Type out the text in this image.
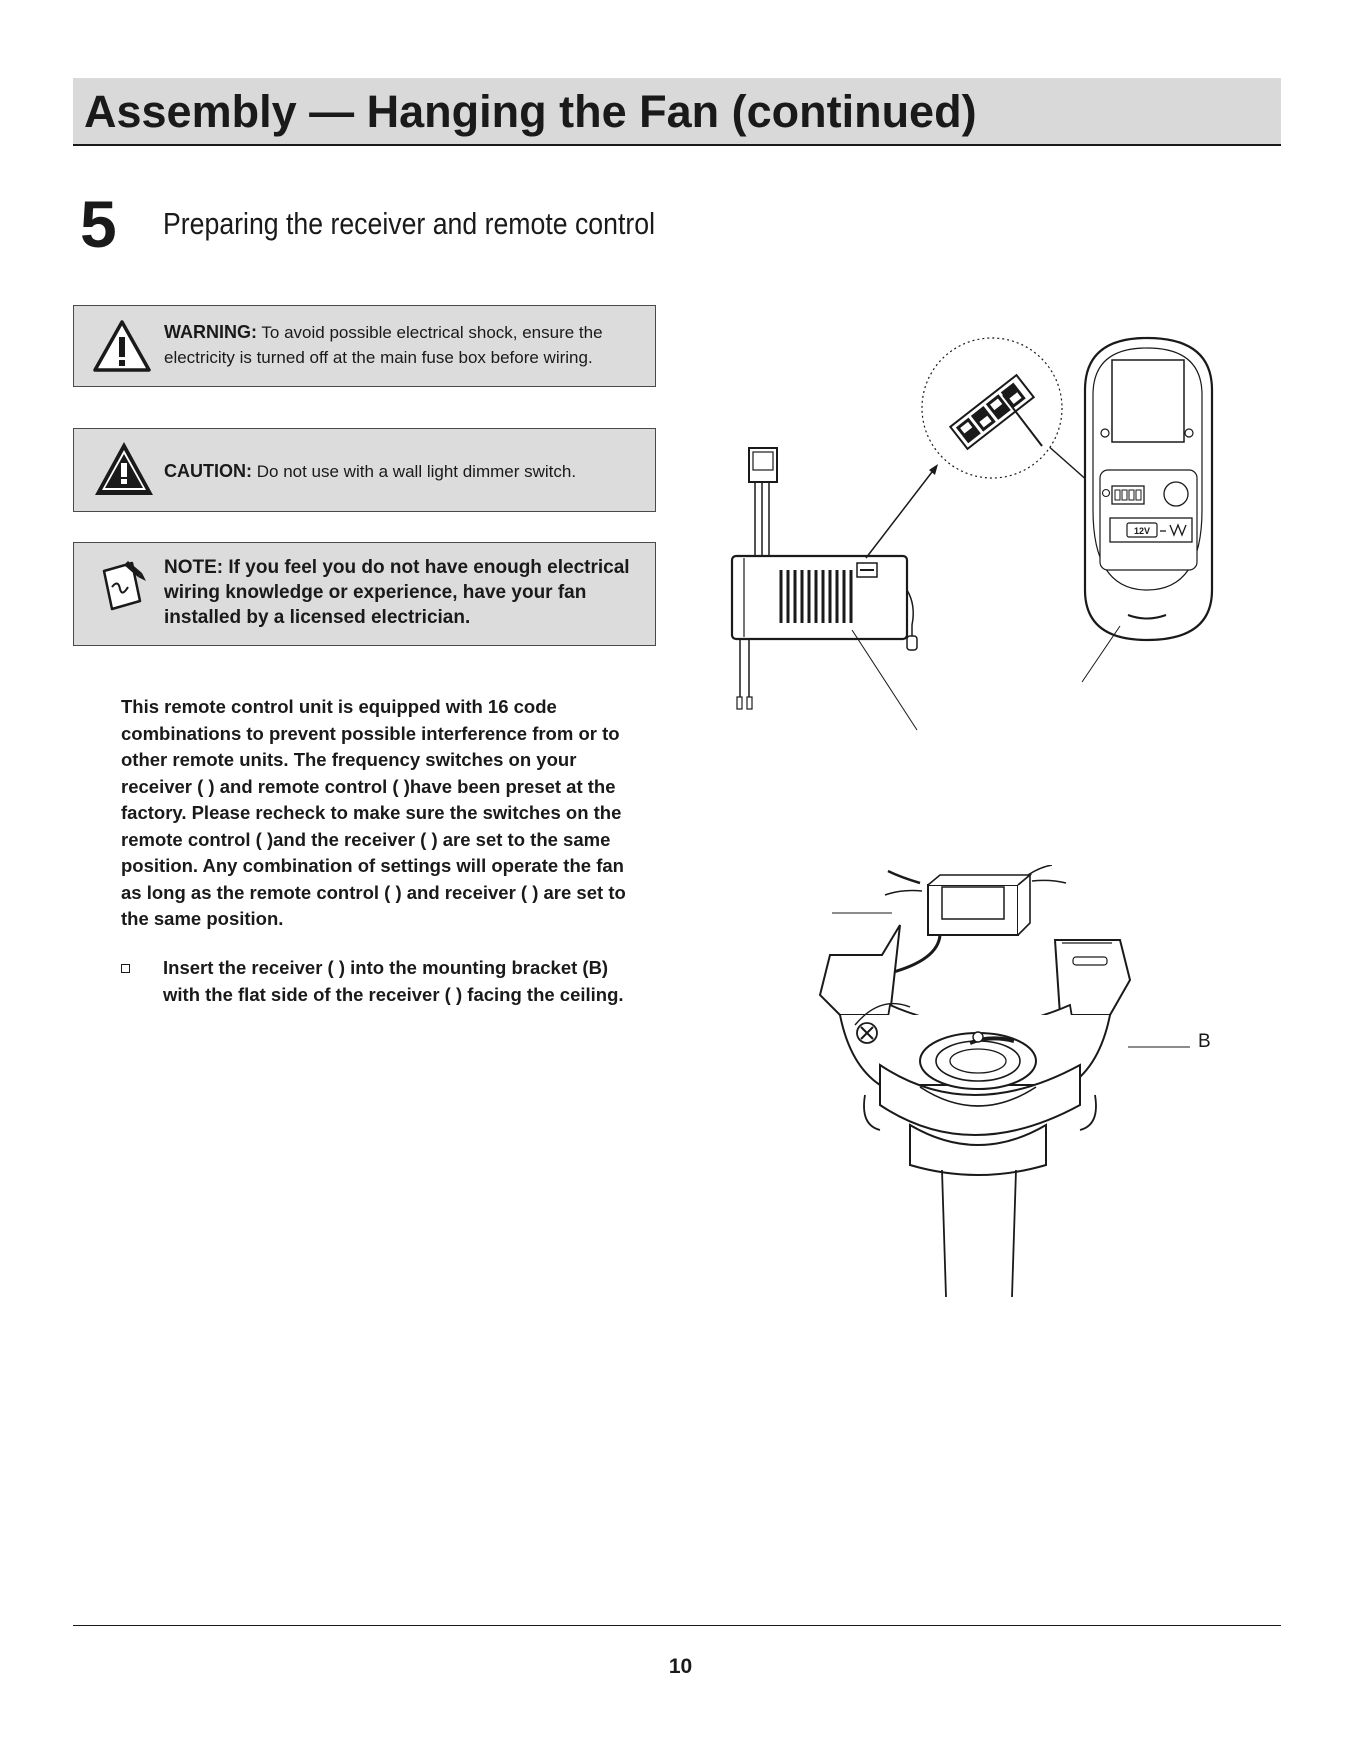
Assembly — Hanging the Fan (continued)
5 Preparing the receiver and remote control
WARNING: To avoid possible electrical shock, ensure the electricity is turned off at the main fuse box before wiring.
CAUTION: Do not use with a wall light dimmer switch.
NOTE: If you feel you do not have enough electrical wiring knowledge or experience, have your fan installed by a licensed electrician.

This remote control unit is equipped with 16 code combinations to prevent possible interference from or to other remote units. The frequency switches on your receiver ( ) and remote control ( )have been preset at the factory. Please recheck to make sure the switches on the remote control ( )and the receiver ( ) are set to the same position. Any combination of settings will operate the fan as long as the remote control ( ) and receiver ( ) are set to the same position.

Insert the receiver ( ) into the mounting bracket (B) with the flat side of the receiver ( ) facing the ceiling.
12V
B
10
